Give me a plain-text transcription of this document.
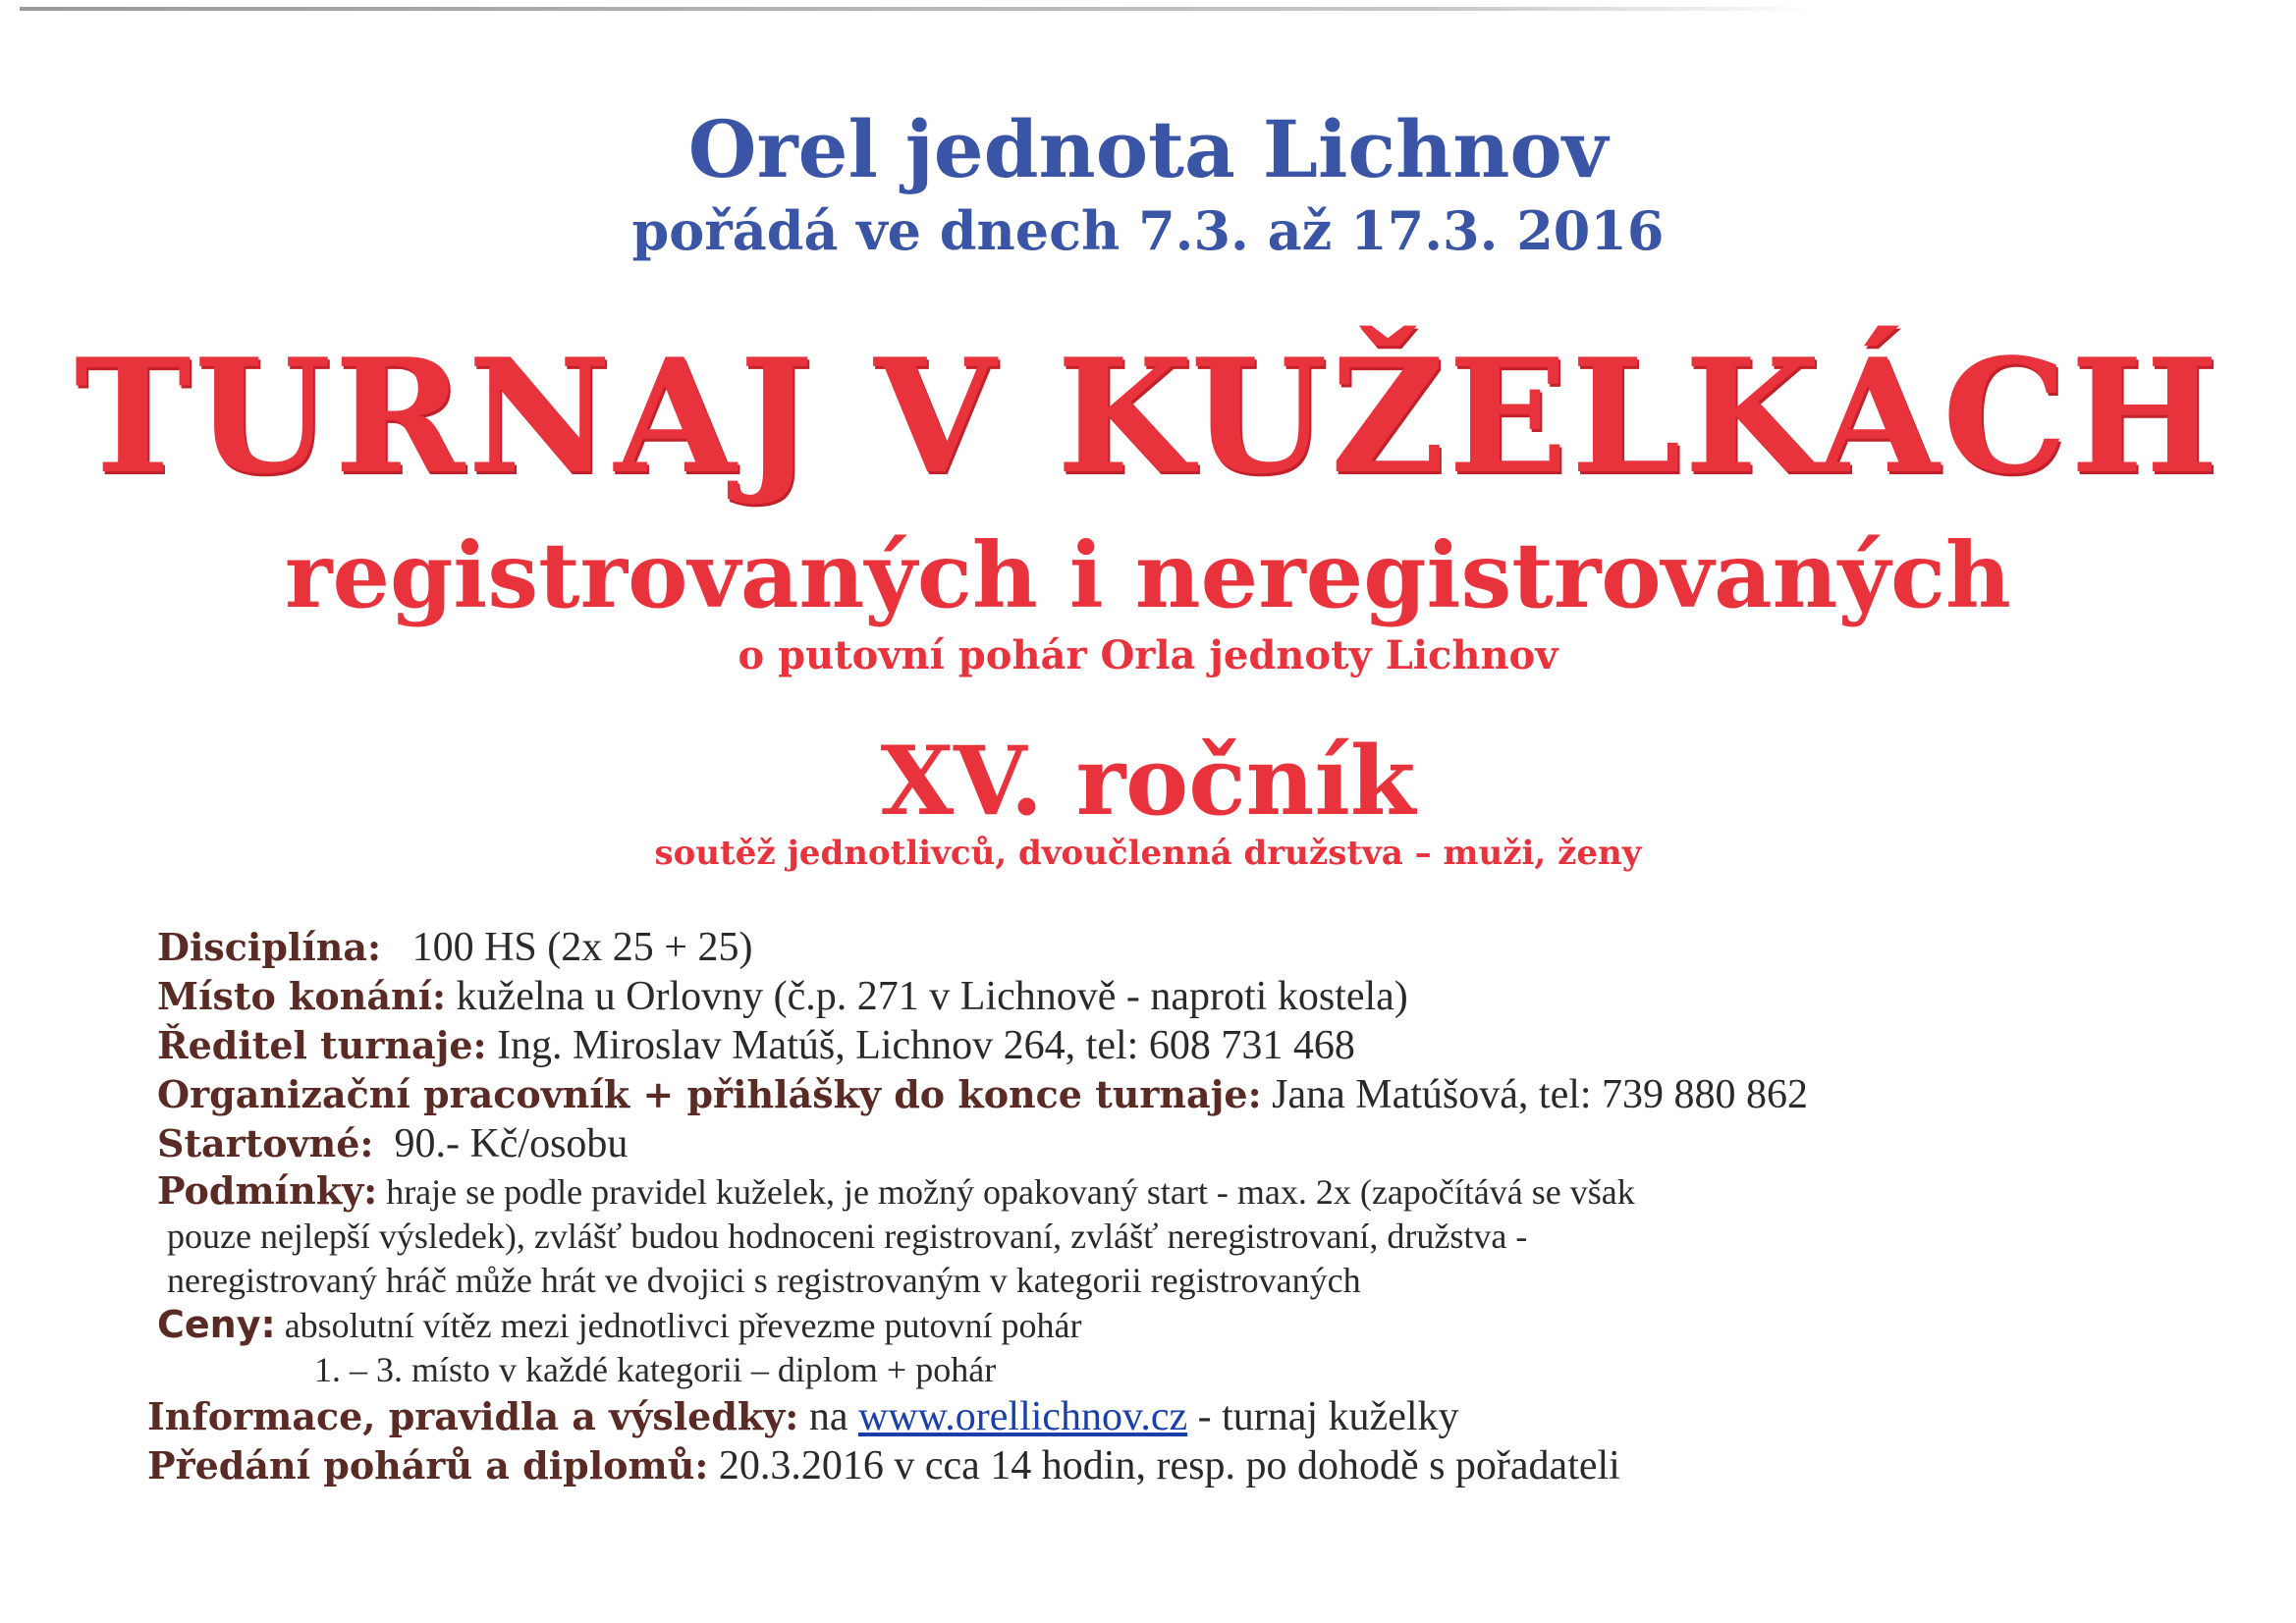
Orel jednota Lichnov
pořádá ve dnech 7.3. až 17.3. 2016
TURNAJ V KUŽELKÁCH
registrovaných i neregistrovaných
o putovní pohár Orla jednoty Lichnov
XV. ročník
soutěž jednotlivců, dvoučlenná družstva – muži, ženy
Disciplína: 100 HS (2x 25 + 25)
Místo konání: kuželna u Orlovny (č.p. 271 v Lichnově - naproti kostela)
Ředitel turnaje: Ing. Miroslav Matúš, Lichnov 264, tel: 608 731 468
Organizační pracovník + přihlášky do konce turnaje: Jana Matúšová, tel: 739 880 862
Startovné: 90.- Kč/osobu
Podmínky: hraje se podle pravidel kuželek, je možný opakovaný start - max. 2x (započítává se však
pouze nejlepší výsledek), zvlášť budou hodnoceni registrovaní, zvlášť neregistrovaní, družstva -
neregistrovaný hráč může hrát ve dvojici s registrovaným v kategorii registrovaných
Ceny: absolutní vítěz mezi jednotlivci převezme putovní pohár
1. – 3. místo v každé kategorii – diplom + pohár
Informace, pravidla a výsledky: na www.orellichnov.cz - turnaj kuželky
Předání pohárů a diplomů: 20.3.2016 v cca 14 hodin, resp. po dohodě s pořadateli
